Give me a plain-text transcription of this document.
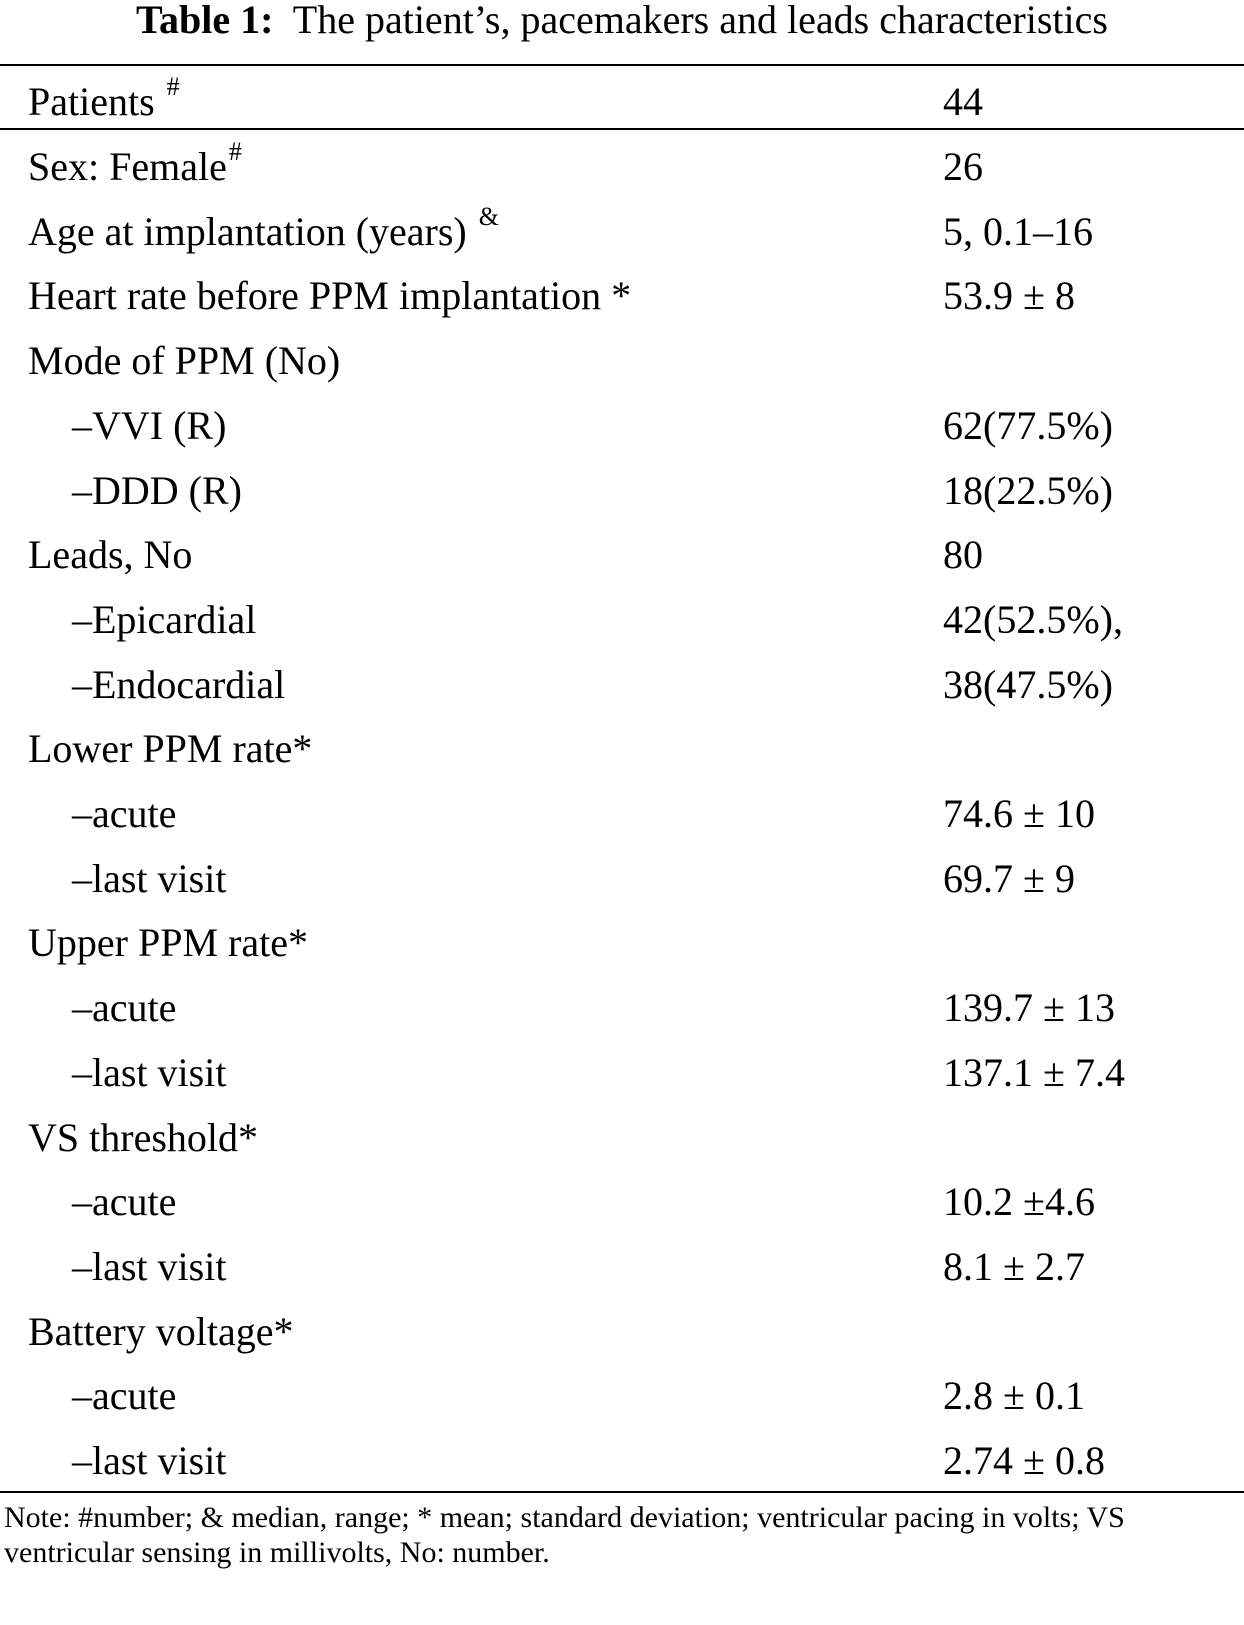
Table 1: The patient’s, pacemakers and leads characteristics
Patients #	44
Sex: Female#	26
Age at implantation (years) &	5, 0.1–16
Heart rate before PPM implantation *	53.9 ± 8
Mode of PPM (No)
–VVI (R)	62(77.5%)
–DDD (R)	18(22.5%)
Leads, No	80
–Epicardial	42(52.5%),
–Endocardial	38(47.5%)
Lower PPM rate*
–acute	74.6 ± 10
–last visit	69.7 ± 9
Upper PPM rate*
–acute	139.7 ± 13
–last visit	137.1 ± 7.4
VS threshold*
–acute	10.2 ±4.6
–last visit	8.1 ± 2.7
Battery voltage*
–acute	2.8 ± 0.1
–last visit	2.74 ± 0.8
Note: #number; & median, range; * mean; standard deviation; ventricular pacing in volts; VS ventricular sensing in millivolts, No: number.
